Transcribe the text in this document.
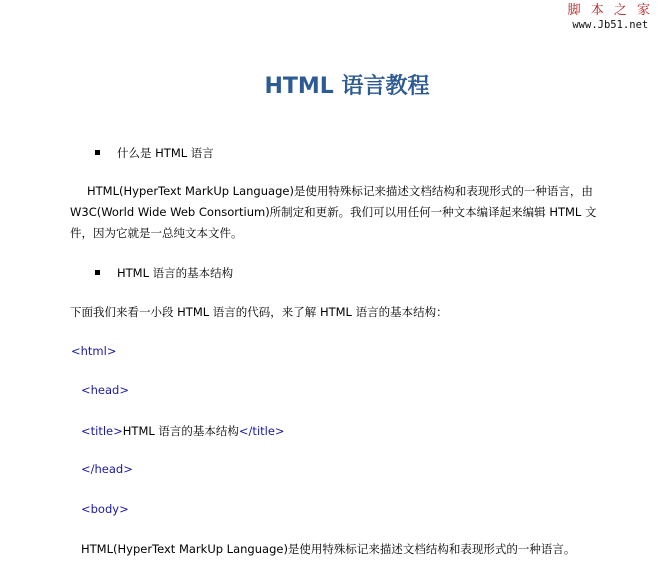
脚 本 之 家
www.Jb51.net
HTML 语言教程
什么是 HTML 语言
HTML(HyperText MarkUp Language)是使用特殊标记来描述文档结构和表现形式的一种语言，由
W3C(World Wide Web Consortium)所制定和更新。我们可以用任何一种文本编译起来编辑 HTML 文
件，因为它就是一总纯文本文件。
HTML 语言的基本结构
下面我们来看一小段 HTML 语言的代码，来了解 HTML 语言的基本结构：
<html>
<head>
<title>HTML 语言的基本结构</title>
</head>
<body>
HTML(HyperText MarkUp Language)是使用特殊标记来描述文档结构和表现形式的一种语言。
